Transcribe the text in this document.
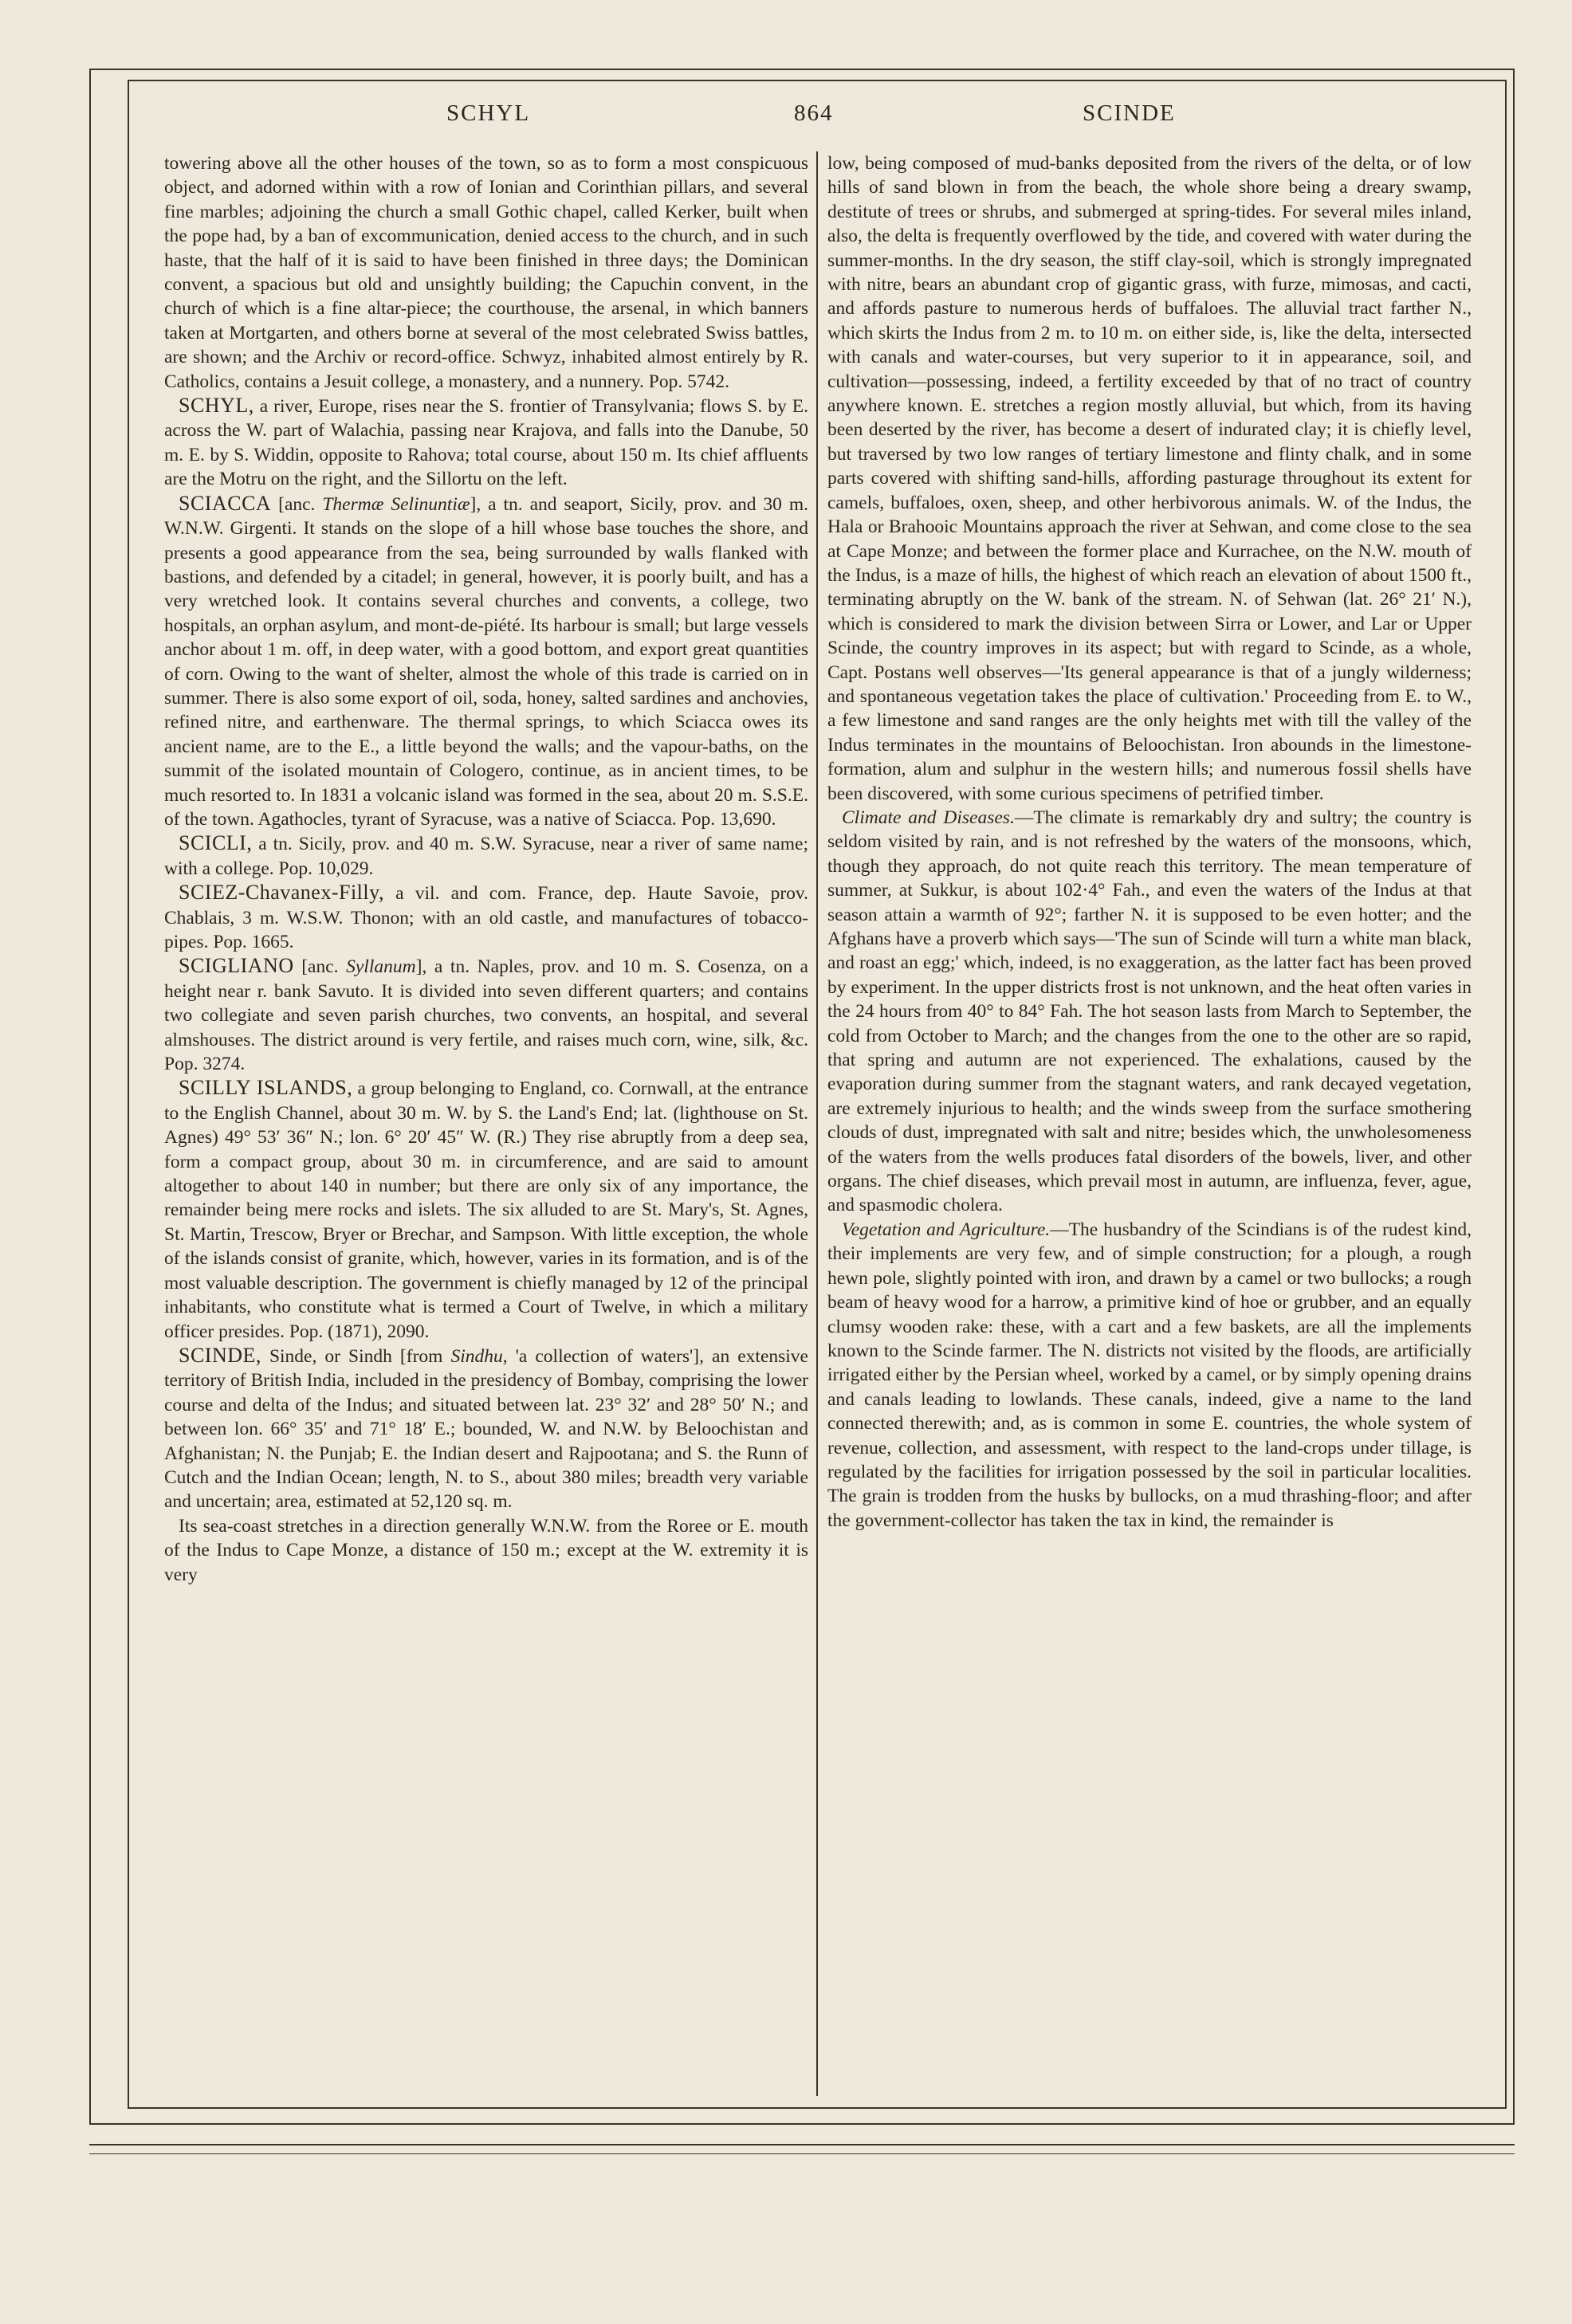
SCHYL	864	SCINDE

towering above all the other houses of the town, so as to form a most conspicuous object, and adorned within with a row of Ionian and Corinthian pillars, and several fine marbles; adjoining the church a small Gothic chapel, called Kerker, built when the pope had, by a ban of excommunication, denied access to the church, and in such haste, that the half of it is said to have been finished in three days; the Dominican convent, a spacious but old and unsightly building; the Capuchin convent, in the church of which is a fine altar-piece; the courthouse, the arsenal, in which banners taken at Mortgarten, and others borne at several of the most celebrated Swiss battles, are shown; and the Archiv or record-office. Schwyz, inhabited almost entirely by R. Catholics, contains a Jesuit college, a monastery, and a nunnery. Pop. 5742.

SCHYL, a river, Europe, rises near the S. frontier of Transylvania; flows S. by E. across the W. part of Walachia, passing near Krajova, and falls into the Danube, 50 m. E. by S. Widdin, opposite to Rahova; total course, about 150 m. Its chief affluents are the Motru on the right, and the Sillortu on the left.

SCIACCA [anc. Thermæ Selinuntiæ], a tn. and seaport, Sicily, prov. and 30 m. W.N.W. Girgenti. It stands on the slope of a hill whose base touches the shore, and presents a good appearance from the sea, being surrounded by walls flanked with bastions, and defended by a citadel; in general, however, it is poorly built, and has a very wretched look. It contains several churches and convents, a college, two hospitals, an orphan asylum, and mont-de-piété. Its harbour is small; but large vessels anchor about 1 m. off, in deep water, with a good bottom, and export great quantities of corn. Owing to the want of shelter, almost the whole of this trade is carried on in summer. There is also some export of oil, soda, honey, salted sardines and anchovies, refined nitre, and earthenware. The thermal springs, to which Sciacca owes its ancient name, are to the E., a little beyond the walls; and the vapour-baths, on the summit of the isolated mountain of Cologero, continue, as in ancient times, to be much resorted to. In 1831 a volcanic island was formed in the sea, about 20 m. S.S.E. of the town. Agathocles, tyrant of Syracuse, was a native of Sciacca. Pop. 13,690.

SCICLI, a tn. Sicily, prov. and 40 m. S.W. Syracuse, near a river of same name; with a college. Pop. 10,029.

SCIEZ-Chavanex-Filly, a vil. and com. France, dep. Haute Savoie, prov. Chablais, 3 m. W.S.W. Thonon; with an old castle, and manufactures of tobacco-pipes. Pop. 1665.

SCIGLIANO [anc. Syllanum], a tn. Naples, prov. and 10 m. S. Cosenza, on a height near r. bank Savuto. It is divided into seven different quarters; and contains two collegiate and seven parish churches, two convents, an hospital, and several almshouses. The district around is very fertile, and raises much corn, wine, silk, &c. Pop. 3274.

SCILLY ISLANDS, a group belonging to England, co. Cornwall, at the entrance to the English Channel, about 30 m. W. by S. the Land's End; lat. (lighthouse on St. Agnes) 49° 53′ 36″ N.; lon. 6° 20′ 45″ W. (R.) They rise abruptly from a deep sea, form a compact group, about 30 m. in circumference, and are said to amount altogether to about 140 in number; but there are only six of any importance, the remainder being mere rocks and islets. The six alluded to are St. Mary's, St. Agnes, St. Martin, Trescow, Bryer or Brechar, and Sampson. With little exception, the whole of the islands consist of granite, which, however, varies in its formation, and is of the most valuable description. The government is chiefly managed by 12 of the principal inhabitants, who constitute what is termed a Court of Twelve, in which a military officer presides. Pop. (1871), 2090.

SCINDE, Sinde, or Sindh [from Sindhu, 'a collection of waters'], an extensive territory of British India, included in the presidency of Bombay, comprising the lower course and delta of the Indus; and situated between lat. 23° 32′ and 28° 50′ N.; and between lon. 66° 35′ and 71° 18′ E.; bounded, W. and N.W. by Beloochistan and Afghanistan; N. the Punjab; E. the Indian desert and Rajpootana; and S. the Runn of Cutch and the Indian Ocean; length, N. to S., about 380 miles; breadth very variable and uncertain; area, estimated at 52,120 sq. m.

Its sea-coast stretches in a direction generally W.N.W. from the Roree or E. mouth of the Indus to Cape Monze, a distance of 150 m.; except at the W. extremity it is very

low, being composed of mud-banks deposited from the rivers of the delta, or of low hills of sand blown in from the beach, the whole shore being a dreary swamp, destitute of trees or shrubs, and submerged at spring-tides. For several miles inland, also, the delta is frequently overflowed by the tide, and covered with water during the summer-months. In the dry season, the stiff clay-soil, which is strongly impregnated with nitre, bears an abundant crop of gigantic grass, with furze, mimosas, and cacti, and affords pasture to numerous herds of buffaloes. The alluvial tract farther N., which skirts the Indus from 2 m. to 10 m. on either side, is, like the delta, intersected with canals and water-courses, but very superior to it in appearance, soil, and cultivation—possessing, indeed, a fertility exceeded by that of no tract of country anywhere known. E. stretches a region mostly alluvial, but which, from its having been deserted by the river, has become a desert of indurated clay; it is chiefly level, but traversed by two low ranges of tertiary limestone and flinty chalk, and in some parts covered with shifting sand-hills, affording pasturage throughout its extent for camels, buffaloes, oxen, sheep, and other herbivorous animals. W. of the Indus, the Hala or Brahooic Mountains approach the river at Sehwan, and come close to the sea at Cape Monze; and between the former place and Kurrachee, on the N.W. mouth of the Indus, is a maze of hills, the highest of which reach an elevation of about 1500 ft., terminating abruptly on the W. bank of the stream. N. of Sehwan (lat. 26° 21′ N.), which is considered to mark the division between Sirra or Lower, and Lar or Upper Scinde, the country improves in its aspect; but with regard to Scinde, as a whole, Capt. Postans well observes—'Its general appearance is that of a jungly wilderness; and spontaneous vegetation takes the place of cultivation.' Proceeding from E. to W., a few limestone and sand ranges are the only heights met with till the valley of the Indus terminates in the mountains of Beloochistan. Iron abounds in the limestone-formation, alum and sulphur in the western hills; and numerous fossil shells have been discovered, with some curious specimens of petrified timber.

Climate and Diseases.—The climate is remarkably dry and sultry; the country is seldom visited by rain, and is not refreshed by the waters of the monsoons, which, though they approach, do not quite reach this territory. The mean temperature of summer, at Sukkur, is about 102·4° Fah., and even the waters of the Indus at that season attain a warmth of 92°; farther N. it is supposed to be even hotter; and the Afghans have a proverb which says—'The sun of Scinde will turn a white man black, and roast an egg;' which, indeed, is no exaggeration, as the latter fact has been proved by experiment. In the upper districts frost is not unknown, and the heat often varies in the 24 hours from 40° to 84° Fah. The hot season lasts from March to September, the cold from October to March; and the changes from the one to the other are so rapid, that spring and autumn are not experienced. The exhalations, caused by the evaporation during summer from the stagnant waters, and rank decayed vegetation, are extremely injurious to health; and the winds sweep from the surface smothering clouds of dust, impregnated with salt and nitre; besides which, the unwholesomeness of the waters from the wells produces fatal disorders of the bowels, liver, and other organs. The chief diseases, which prevail most in autumn, are influenza, fever, ague, and spasmodic cholera.

Vegetation and Agriculture.—The husbandry of the Scindians is of the rudest kind, their implements are very few, and of simple construction; for a plough, a rough hewn pole, slightly pointed with iron, and drawn by a camel or two bullocks; a rough beam of heavy wood for a harrow, a primitive kind of hoe or grubber, and an equally clumsy wooden rake: these, with a cart and a few baskets, are all the implements known to the Scinde farmer. The N. districts not visited by the floods, are artificially irrigated either by the Persian wheel, worked by a camel, or by simply opening drains and canals leading to lowlands. These canals, indeed, give a name to the land connected therewith; and, as is common in some E. countries, the whole system of revenue, collection, and assessment, with respect to the land-crops under tillage, is regulated by the facilities for irrigation possessed by the soil in particular localities. The grain is trodden from the husks by bullocks, on a mud thrashing-floor; and after the government-collector has taken the tax in kind, the remainder is
